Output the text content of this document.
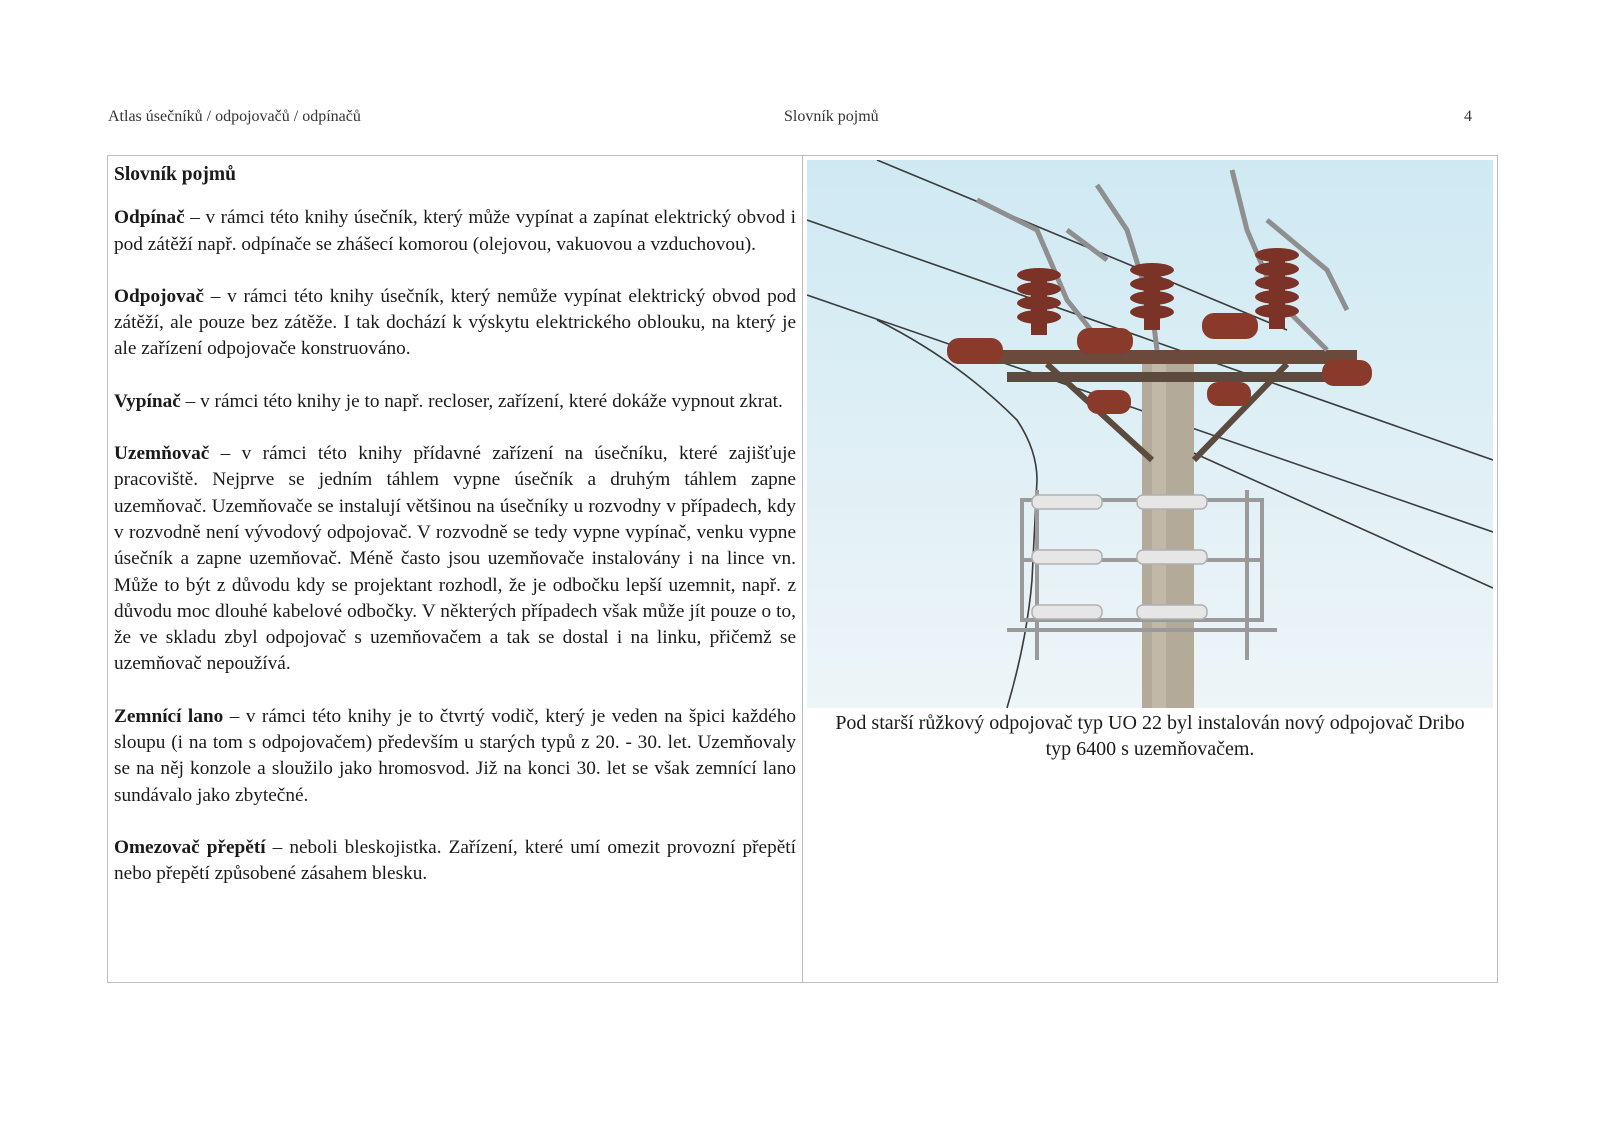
Atlas úsečníků / odpojovačů / odpínačů	Slovník pojmů	4
Slovník pojmů

Odpínač – v rámci této knihy úsečník, který může vypínat a zapínat elektrický obvod i pod zátěží např. odpínače se zhášecí komorou (olejovou, vakuovou a vzduchovou).

Odpojovač – v rámci této knihy úsečník, který nemůže vypínat elektrický obvod pod zátěží, ale pouze bez zátěže. I tak dochází k výskytu elektrického oblouku, na který je ale zařízení odpojovače konstruováno.

Vypínač – v rámci této knihy je to např. recloser, zařízení, které dokáže vypnout zkrat.

Uzemňovač – v rámci této knihy přídavné zařízení na úsečníku, které zajišťuje pracoviště. Nejprve se jedním táhlem vypne úsečník a druhým táhlem zapne uzemňovač. Uzemňovače se instalují většinou na úsečníky u rozvodny v případech, kdy v rozvodně není vývodový odpojovač. V rozvodně se tedy vypne vypínač, venku vypne úsečník a zapne uzemňovač. Méně často jsou uzemňovače instalovány i na lince vn. Může to být z důvodu kdy se projektant rozhodl, že je odbočku lepší uzemnit, např. z důvodu moc dlouhé kabelové odbočky. V některých případech však může jít pouze o to, že ve skladu zbyl odpojovač s uzemňovačem a tak se dostal i na linku, přičemž se uzemňovač nepoužívá.

Zemnící lano – v rámci této knihy je to čtvrtý vodič, který je veden na špici každého sloupu (i na tom s odpojovačem) především u starých typů z 20. - 30. let. Uzemňovaly se na něj konzole a sloužilo jako hromosvod. Již na konci 30. let se však zemnící lano sundávalo jako zbytečné.

Omezovač přepětí – neboli bleskojistka. Zařízení, které umí omezit provozní přepětí nebo přepětí způsobené zásahem blesku.

Pod starší růžkový odpojovač typ UO 22 byl instalován nový odpojovač Dribo typ 6400 s uzemňovačem.
